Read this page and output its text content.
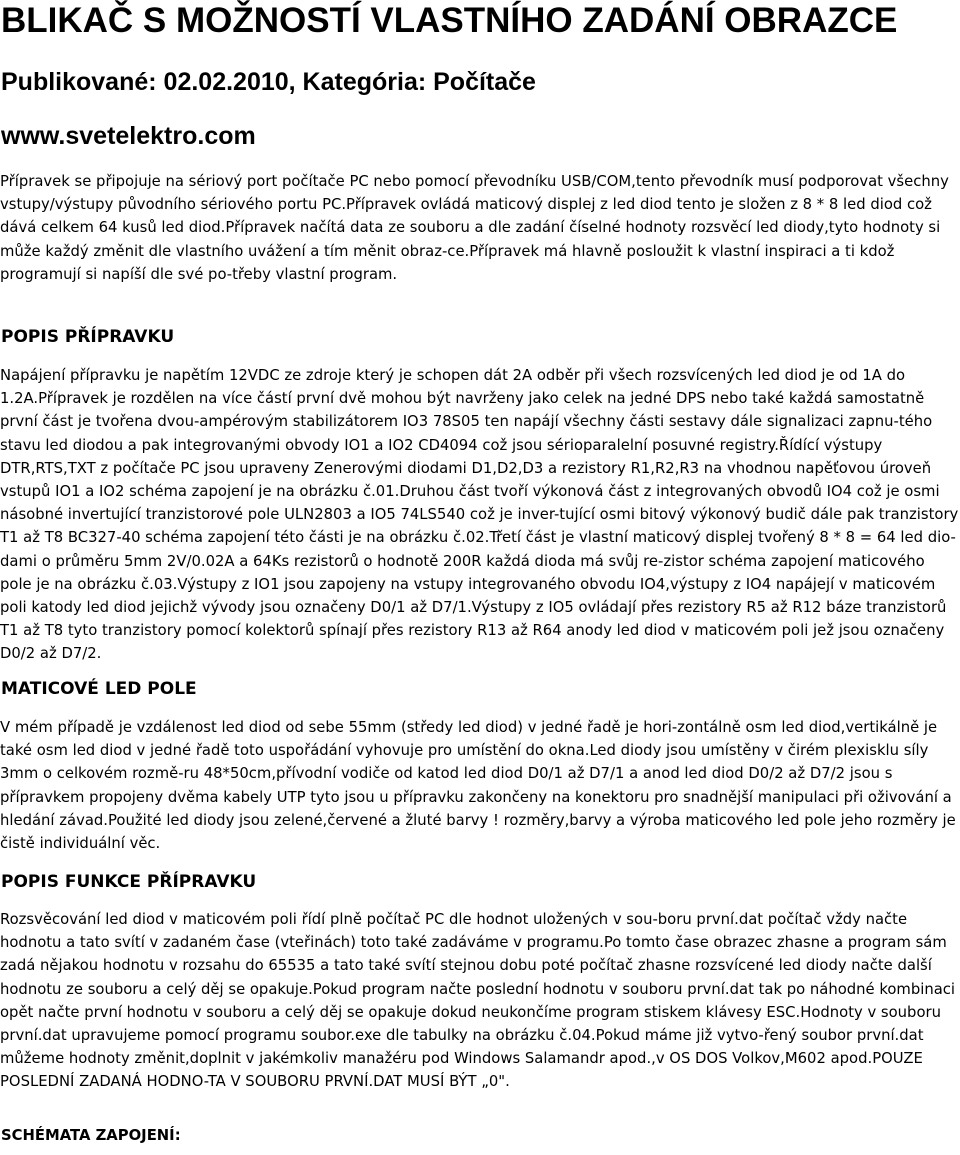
BLIKAČ S MOŽNOSTÍ VLASTNÍHO ZADÁNÍ OBRAZCE
Publikované: 02.02.2010, Kategória: Počítače
www.svetelektro.com

Přípravek se připojuje na sériový port počítače PC nebo pomocí převodníku USB/COM,tento převodník musí podporovat všechny vstupy/výstupy původního sériového portu PC.Přípravek ovládá maticový displej z led diod tento je složen z 8 * 8 led diod což dává celkem 64 kusů led diod.Přípravek načítá data ze souboru a dle zadání číselné hodnoty rozsvěcí led diody,tyto hodnoty si může každý změnit dle vlastního uvážení a tím měnit obraz-ce.Přípravek má hlavně posloužit k vlastní inspiraci a ti kdož programují si napíší dle své po-třeby vlastní program.

POPIS PŘÍPRAVKU

Napájení přípravku je napětím 12VDC ze zdroje který je schopen dát 2A odběr při všech rozsvícených led diod je od 1A do 1.2A.Přípravek je rozdělen na více částí první dvě mohou být navrženy jako celek na jedné DPS nebo také každá samostatně první část je tvořena dvou-ampérovým stabilizátorem IO3 78S05 ten napájí všechny části sestavy dále signalizaci zapnu-tého stavu led diodou a pak integrovanými obvody IO1 a IO2 CD4094 což jsou sérioparalelní posuvné registry.Řídící výstupy DTR,RTS,TXT z počítače PC jsou upraveny Zenerovými diodami D1,D2,D3 a rezistory R1,R2,R3 na vhodnou napěťovou úroveň vstupů IO1 a IO2 schéma zapojení je na obrázku č.01.Druhou část tvoří výkonová část z integrovaných obvodů IO4 což je osmi násobné invertující tranzistorové pole ULN2803 a IO5 74LS540 což je inver-tující osmi bitový výkonový budič dále pak tranzistory T1 až T8 BC327-40 schéma zapojení této části je na obrázku č.02.Třetí část je vlastní maticový displej tvořený 8 * 8 = 64 led dio-dami o průměru 5mm 2V/0.02A a 64Ks rezistorů o hodnotě 200R každá dioda má svůj re-zistor schéma zapojení maticového pole je na obrázku č.03.Výstupy z IO1 jsou zapojeny na vstupy integrovaného obvodu IO4,výstupy z IO4 napájejí v maticovém poli katody led diod jejichž vývody jsou označeny D0/1 až D7/1.Výstupy z IO5 ovládají přes rezistory R5 až R12 báze tranzistorů T1 až T8 tyto tranzistory pomocí kolektorů spínají přes rezistory R13 až R64 anody led diod v maticovém poli jež jsou označeny D0/2 až D7/2.

MATICOVÉ LED POLE

V mém případě je vzdálenost led diod od sebe 55mm (středy led diod) v jedné řadě je hori-zontálně osm led diod,vertikálně je také osm led diod v jedné řadě toto uspořádání vyhovuje pro umístění do okna.Led diody jsou umístěny v čirém plexisklu síly 3mm o celkovém rozmě-ru 48*50cm,přívodní vodiče od katod led diod D0/1 až D7/1 a anod led diod D0/2 až D7/2 jsou s přípravkem propojeny dvěma kabely UTP tyto jsou u přípravku zakončeny na konektoru pro snadnější manipulaci při oživování a hledání závad.Použité led diody jsou zelené,červené a žluté barvy ! rozměry,barvy a výroba maticového led pole jeho rozměry je čistě individuální věc.

POPIS FUNKCE PŘÍPRAVKU

Rozsvěcování led diod v maticovém poli řídí plně počítač PC dle hodnot uložených v sou-boru první.dat počítač vždy načte hodnotu a tato svítí v zadaném čase (vteřinách) toto také zadáváme v programu.Po tomto čase obrazec zhasne a program sám zadá nějakou hodnotu v rozsahu do 65535 a tato také svítí stejnou dobu poté počítač zhasne rozsvícené led diody načte další hodnotu ze souboru a celý děj se opakuje.Pokud program načte poslední hodnotu v souboru první.dat tak po náhodné kombinaci opět načte první hodnotu v souboru a celý děj se opakuje dokud neukončíme program stiskem klávesy ESC.Hodnoty v souboru první.dat upravujeme pomocí programu soubor.exe dle tabulky na obrázku č.04.Pokud máme již vytvo-řený soubor první.dat můžeme hodnoty změnit,doplnit v jakémkoliv manažéru pod Windows Salamandr apod.,v OS DOS Volkov,M602 apod.POUZE POSLEDNÍ ZADANÁ HODNO-TA V SOUBORU PRVNÍ.DAT MUSÍ BÝT „0".

SCHÉMATA ZAPOJENÍ:
